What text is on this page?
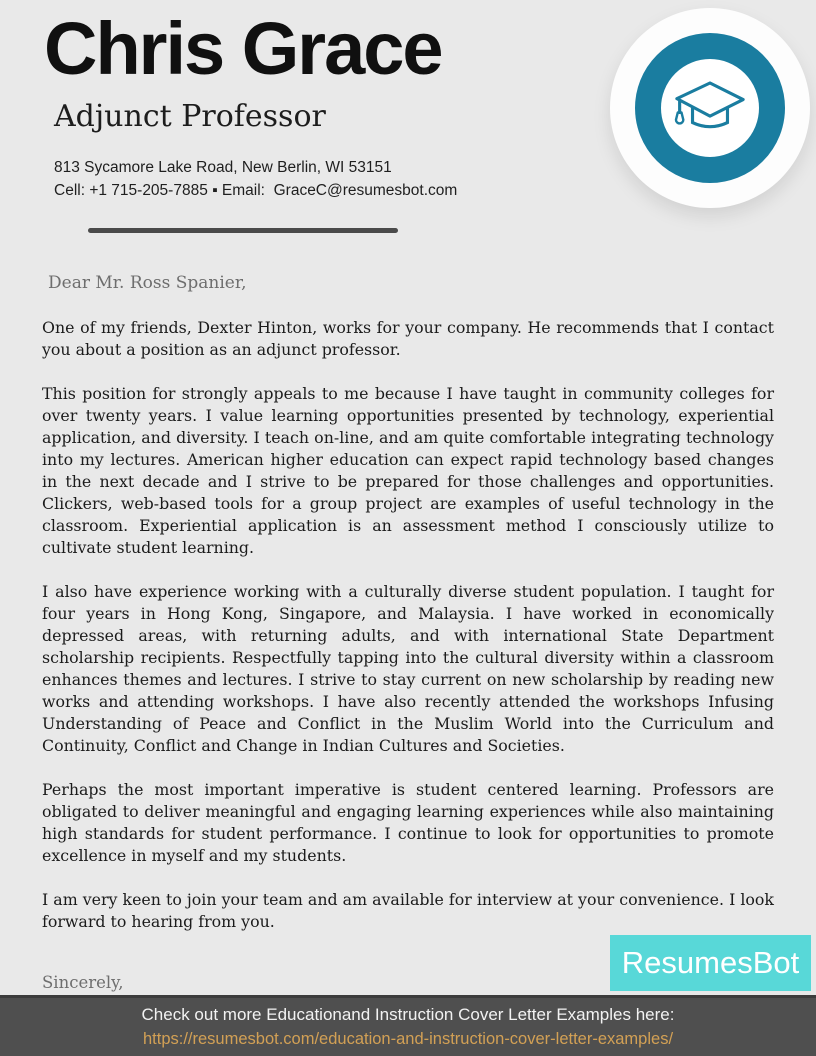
Chris Grace
Adjunct Professor
813 Sycamore Lake Road, New Berlin, WI 53151
Cell: +1 715-205-7885 ▪ Email:  GraceC@resumesbot.com
Dear Mr. Ross Spanier,

One of my friends, Dexter Hinton, works for your company. He recommends that I contact you about a position as an adjunct professor.

This position for strongly appeals to me because I have taught in community colleges for over twenty years. I value learning opportunities presented by technology, experiential application, and diversity. I teach on-line, and am quite comfortable integrating technology into my lectures. American higher education can expect rapid technology based changes in the next decade and I strive to be prepared for those challenges and opportunities. Clickers, web-based tools for a group project are examples of useful technology in the classroom. Experiential application is an assessment method I consciously utilize to cultivate student learning.

I also have experience working with a culturally diverse student population. I taught for four years in Hong Kong, Singapore, and Malaysia. I have worked in economically depressed areas, with returning adults, and with international State Department scholarship recipients. Respectfully tapping into the cultural diversity within a classroom enhances themes and lectures. I strive to stay current on new scholarship by reading new works and attending workshops. I have also recently attended the workshops Infusing Understanding of Peace and Conflict in the Muslim World into the Curriculum and Continuity, Conflict and Change in Indian Cultures and Societies.

Perhaps the most important imperative is student centered learning. Professors are obligated to deliver meaningful and engaging learning experiences while also maintaining high standards for student performance. I continue to look for opportunities to promote excellence in myself and my students.

I am very keen to join your team and am available for interview at your convenience. I look forward to hearing from you.

Sincerely,
ResumesBot
Check out more Educationand Instruction Cover Letter Examples here:
https://resumesbot.com/education-and-instruction-cover-letter-examples/
